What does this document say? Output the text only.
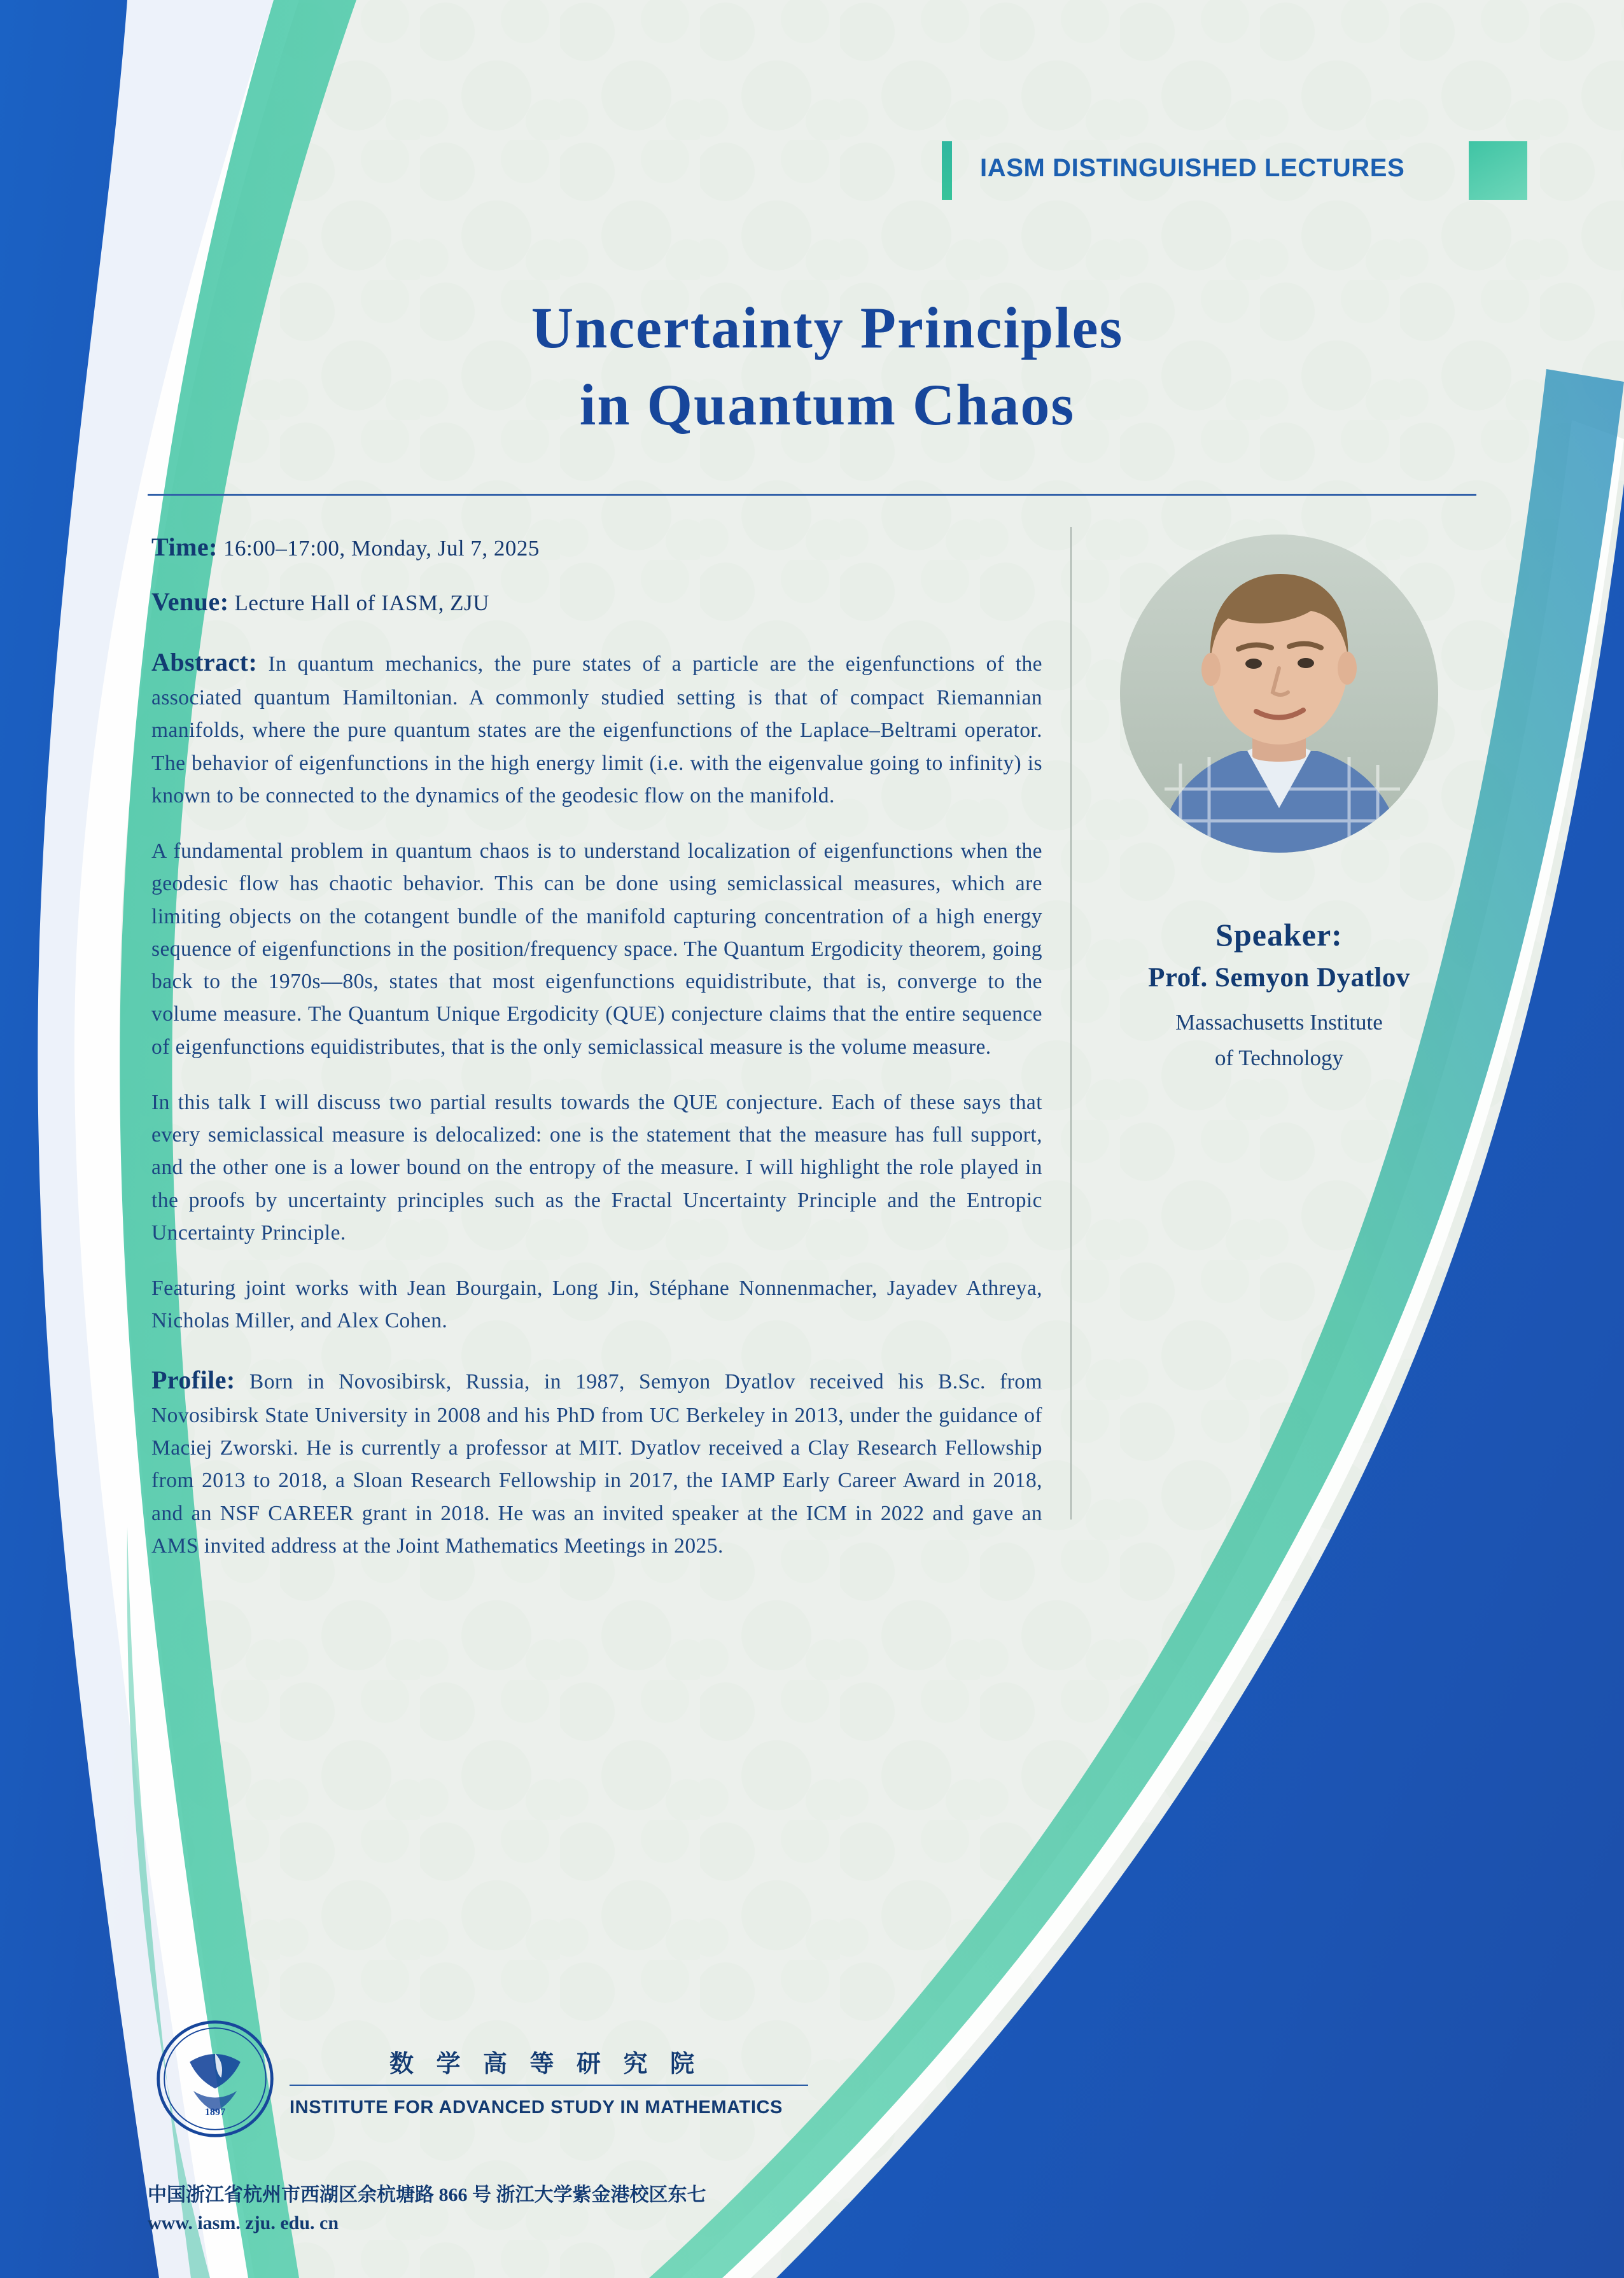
IASM DISTINGUISHED LECTURES
Uncertainty Principles
in Quantum Chaos
Time: 16:00–17:00, Monday, Jul 7, 2025
Venue: Lecture Hall of IASM, ZJU
Abstract: In quantum mechanics, the pure states of a particle are the eigenfunctions of the associated quantum Hamiltonian. A commonly studied setting is that of compact Riemannian manifolds, where the pure quantum states are the eigenfunctions of the Laplace–Beltrami operator. The behavior of eigenfunctions in the high energy limit (i.e. with the eigenvalue going to infinity) is known to be connected to the dynamics of the geodesic flow on the manifold.
A fundamental problem in quantum chaos is to understand localization of eigenfunctions when the geodesic flow has chaotic behavior. This can be done using semiclassical measures, which are limiting objects on the cotangent bundle of the manifold capturing concentration of a high energy sequence of eigenfunctions in the position/frequency space. The Quantum Ergodicity theorem, going back to the 1970s––80s, states that most eigenfunctions equidistribute, that is, converge to the volume measure. The Quantum Unique Ergodicity (QUE) conjecture claims that the entire sequence of eigenfunctions equidistributes, that is the only semiclassical measure is the volume measure.
In this talk I will discuss two partial results towards the QUE conjecture. Each of these says that every semiclassical measure is delocalized: one is the statement that the measure has full support, and the other one is a lower bound on the entropy of the measure. I will highlight the role played in the proofs by uncertainty principles such as the Fractal Uncertainty Principle and the Entropic Uncertainty Principle.
Featuring joint works with Jean Bourgain, Long Jin, Stéphane Nonnenmacher, Jayadev Athreya, Nicholas Miller, and Alex Cohen.
Profile: Born in Novosibirsk, Russia, in 1987, Semyon Dyatlov received his B.Sc. from Novosibirsk State University in 2008 and his PhD from UC Berkeley in 2013, under the guidance of Maciej Zworski. He is currently a professor at MIT. Dyatlov received a Clay Research Fellowship from 2013 to 2018, a Sloan Research Fellowship in 2017, the IAMP Early Career Award in 2018, and an NSF CAREER grant in 2018. He was an invited speaker at the ICM in 2022 and gave an AMS invited address at the Joint Mathematics Meetings in 2025.
Speaker:
Prof. Semyon Dyatlov
Massachusetts Institute
of Technology
1897
数 学 高 等 研 究 院
INSTITUTE FOR ADVANCED STUDY IN MATHEMATICS
中国浙江省杭州市西湖区余杭塘路 866 号 浙江大学紫金港校区东七
www. iasm. zju. edu. cn
